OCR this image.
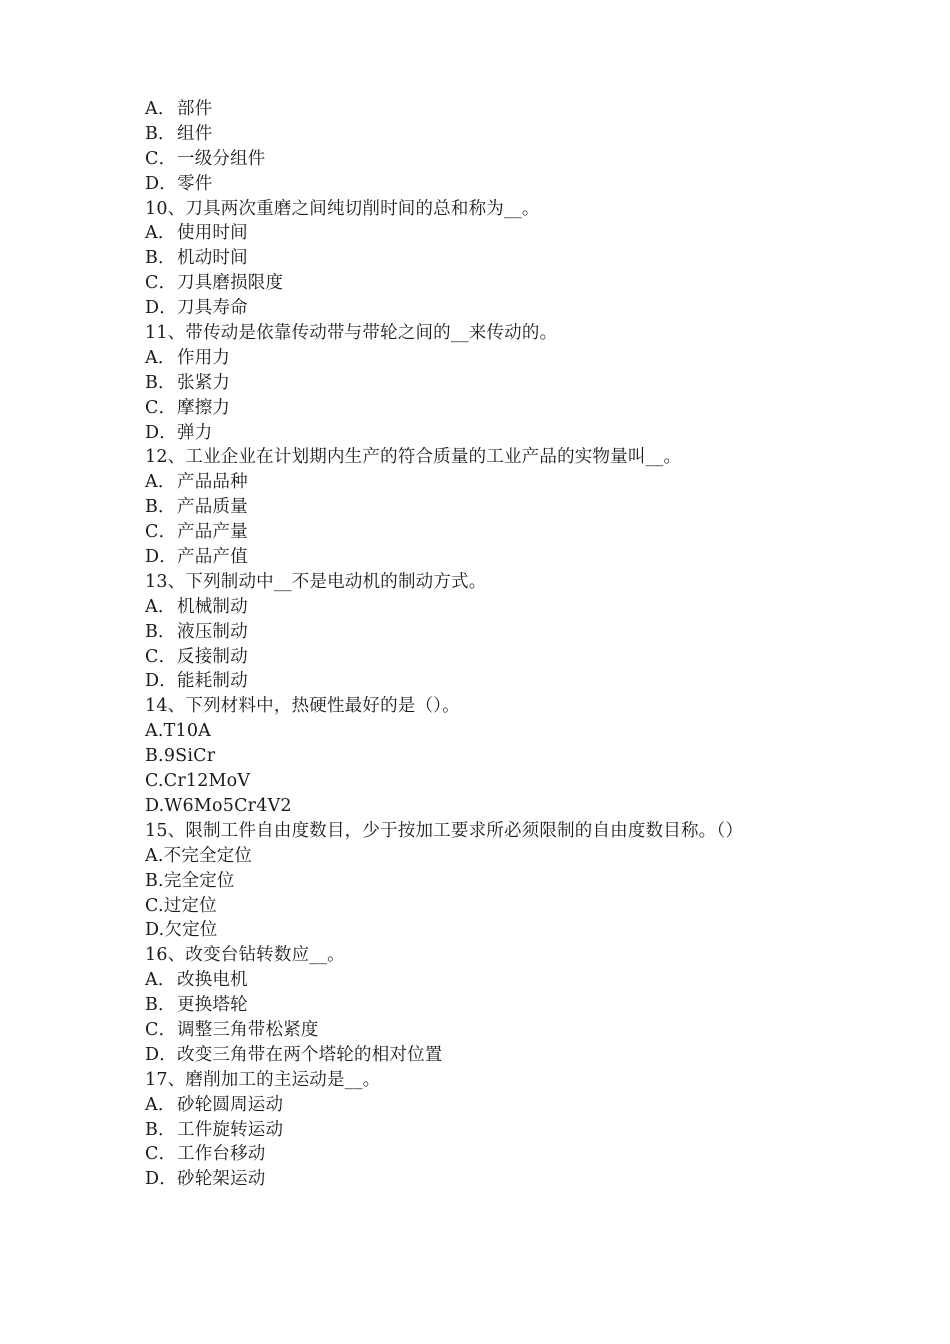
A． 部件
B． 组件
C． 一级分组件
D． 零件
10、刀具两次重磨之间纯切削时间的总和称为__。
A． 使用时间
B． 机动时间
C． 刀具磨损限度
D． 刀具寿命
11、带传动是依靠传动带与带轮之间的__来传动的。
A． 作用力
B． 张紧力
C． 摩擦力
D． 弹力
12、工业企业在计划期内生产的符合质量的工业产品的实物量叫__。
A． 产品品种
B． 产品质量
C． 产品产量
D． 产品产值
13、下列制动中__不是电动机的制动方式。
A． 机械制动
B． 液压制动
C． 反接制动
D． 能耗制动
14、下列材料中，热硬性最好的是（）。
A. T10A
B. 9SiCr
C. Cr12MoV
D. W6Mo5Cr4V2
15、限制工件自由度数目，少于按加工要求所必须限制的自由度数目称。（）
A. 不完全定位
B. 完全定位
C. 过定位
D. 欠定位
16、改变台钻转数应__。
A． 改换电机
B． 更换塔轮
C． 调整三角带松紧度
D． 改变三角带在两个塔轮的相对位置
17、磨削加工的主运动是__。
A． 砂轮圆周运动
B． 工件旋转运动
C． 工作台移动
D． 砂轮架运动
